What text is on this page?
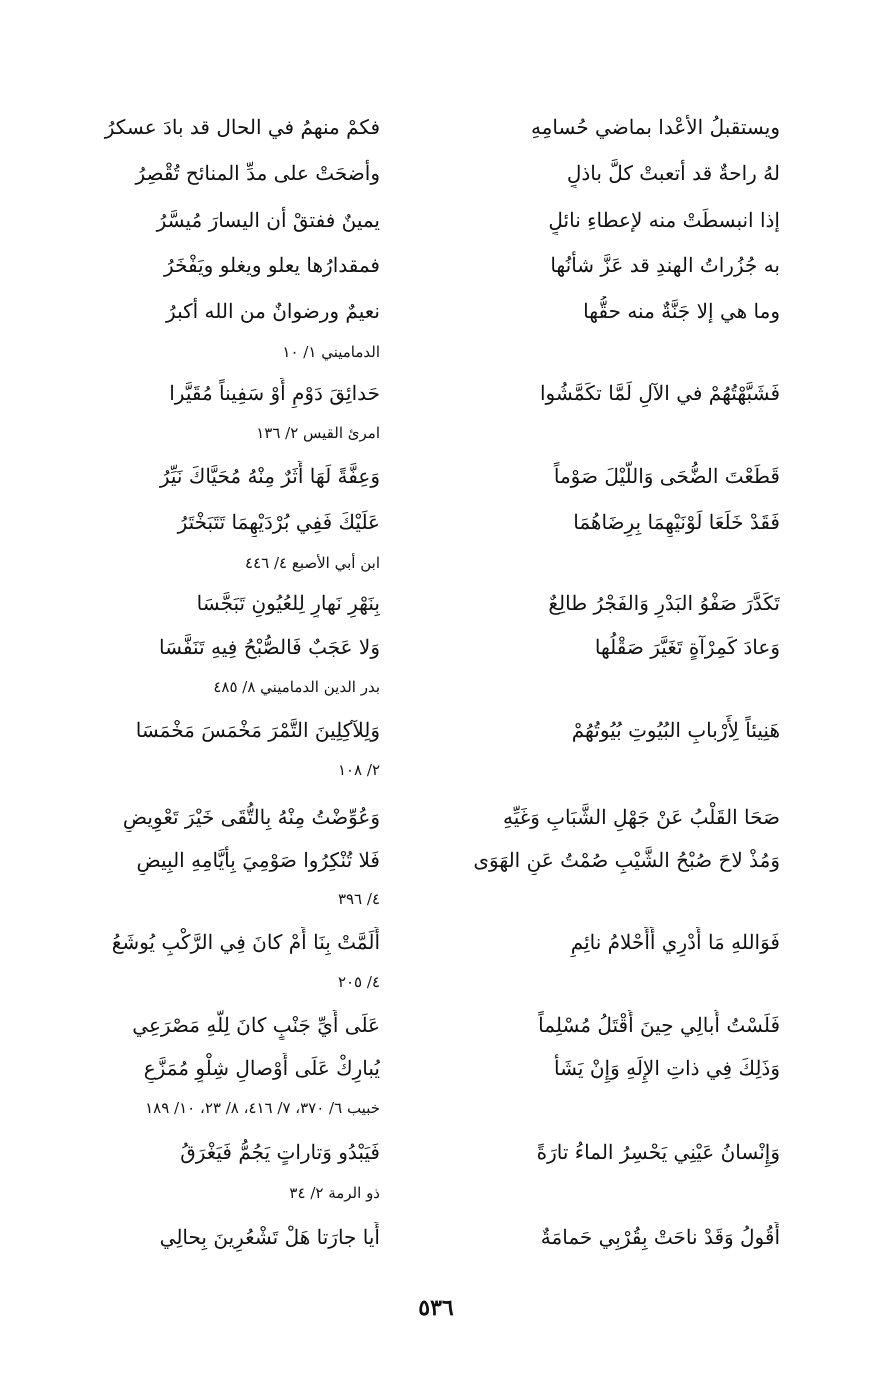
ويستقبلُ الأعْدا بماضي حُسامِهِ
فكمْ منهمُ في الحال قد بادَ عسكرُ
لهُ راحةٌ قد أتعبتْ كلَّ باذلٍ
وأضحَتْ على مدِّ المنائح تُقْصِرُ
إذا انبسطَتْ منه لإعطاءِ نائلٍ
يمينٌ ففتقْ أن اليسارَ مُيسَّرُ
به جُزُراتُ الهندِ قد عَزَّ شأنُها
فمقدارُها يعلو ويغلو ويَفْخَرُ
وما هي إلا جَنَّةٌ منه حقُّها
نعيمٌ ورضوانٌ من الله أكبرُ
الدماميني ١/ ١٠
فَشَبَّهْتُهُمْ في الآلِ لَمَّا تكَمَّشُوا
حَدائِقَ دَوْمٍ أَوْ سَفِيناً مُقَيَّرا
امرئ القيس ٢/ ١٣٦
قَطَعْتَ الضُّحَى وَاللَّيْلَ صَوْماً
وَعِفَّةً لَهَا أَثَرٌ مِنْهُ مُحَيَّاكَ نَيِّرُ
فَقَدْ خَلَعَا لَوْنَيْهِمَا بِرِضَاهُمَا
عَلَيْكَ فَفِي بُرْدَيْهِمَا تَتَبَخْتَرُ
ابن أبي الأصبع ٤/ ٤٤٦
تَكَدَّرَ صَفْوُ البَدْرِ وَالفَجْرُ طالِعٌ
بِنَهْرِ نَهارٍ لِلعُيُونِ تَبَجَّسَا
وَعادَ كَمِرْآةٍ تَغَيَّرَ صَقْلُها
وَلا عَجَبٌ فَالصُّبْحُ فِيهِ تَنَفَّسَا
بدر الدين الدماميني ٨/ ٤٨٥
هَنِيئاً لِأَرْبابِ البُيُوتِ بُيُوتُهُمْ
وَلِلآكِلِينَ التَّمْرَ مَخْمَسَ مَخْمَسَا
٢/ ١٠٨
صَحَا القَلْبُ عَنْ جَهْلِ الشَّبَابِ وَغَيِّهِ
وَعُوِّضْتُ مِنْهُ بِالتُّقَى خَيْرَ تَعْوِيضِ
وَمُذْ لاحَ صُبْحُ الشَّيْبِ صُمْتُ عَنِ الهَوَى
فَلا تُنْكِرُوا صَوْمِيَ بِأَيَّامِهِ البِيضِ
٤/ ٣٩٦
فَوَاللهِ مَا أَدْرِي أَأَحْلامُ نائِمٍ
أَلَمَّتْ بِنَا أَمْ كانَ فِي الرَّكْبِ يُوشَعُ
٤/ ٢٠٥
فَلَسْتُ أُبالِي حِينَ أُقْتَلُ مُسْلِماً
عَلَى أَيِّ جَنْبٍ كانَ لِلَّهِ مَصْرَعِي
وَذَلِكَ فِي ذاتِ الإِلَهِ وَإِنْ يَشَأْ
يُبارِكْ عَلَى أَوْصالِ شِلْوٍ مُمَزَّعِ
خبيب ٦/ ٣٧٠، ٧/ ٤١٦، ٨/ ٢٣، ١٠/ ١٨٩
وَإِنْسانُ عَيْنِي يَحْسِرُ الماءُ تارَةً
فَيَبْدُو وَتاراتٍ يَجُمُّ فَيَغْرَقُ
ذو الرمة ٢/ ٣٤
أَقُولُ وَقَدْ ناحَتْ بِقُرْبِي حَمامَةٌ
أَيا جارَتا هَلْ تَشْعُرِينَ بِحالِي
٥٣٦
